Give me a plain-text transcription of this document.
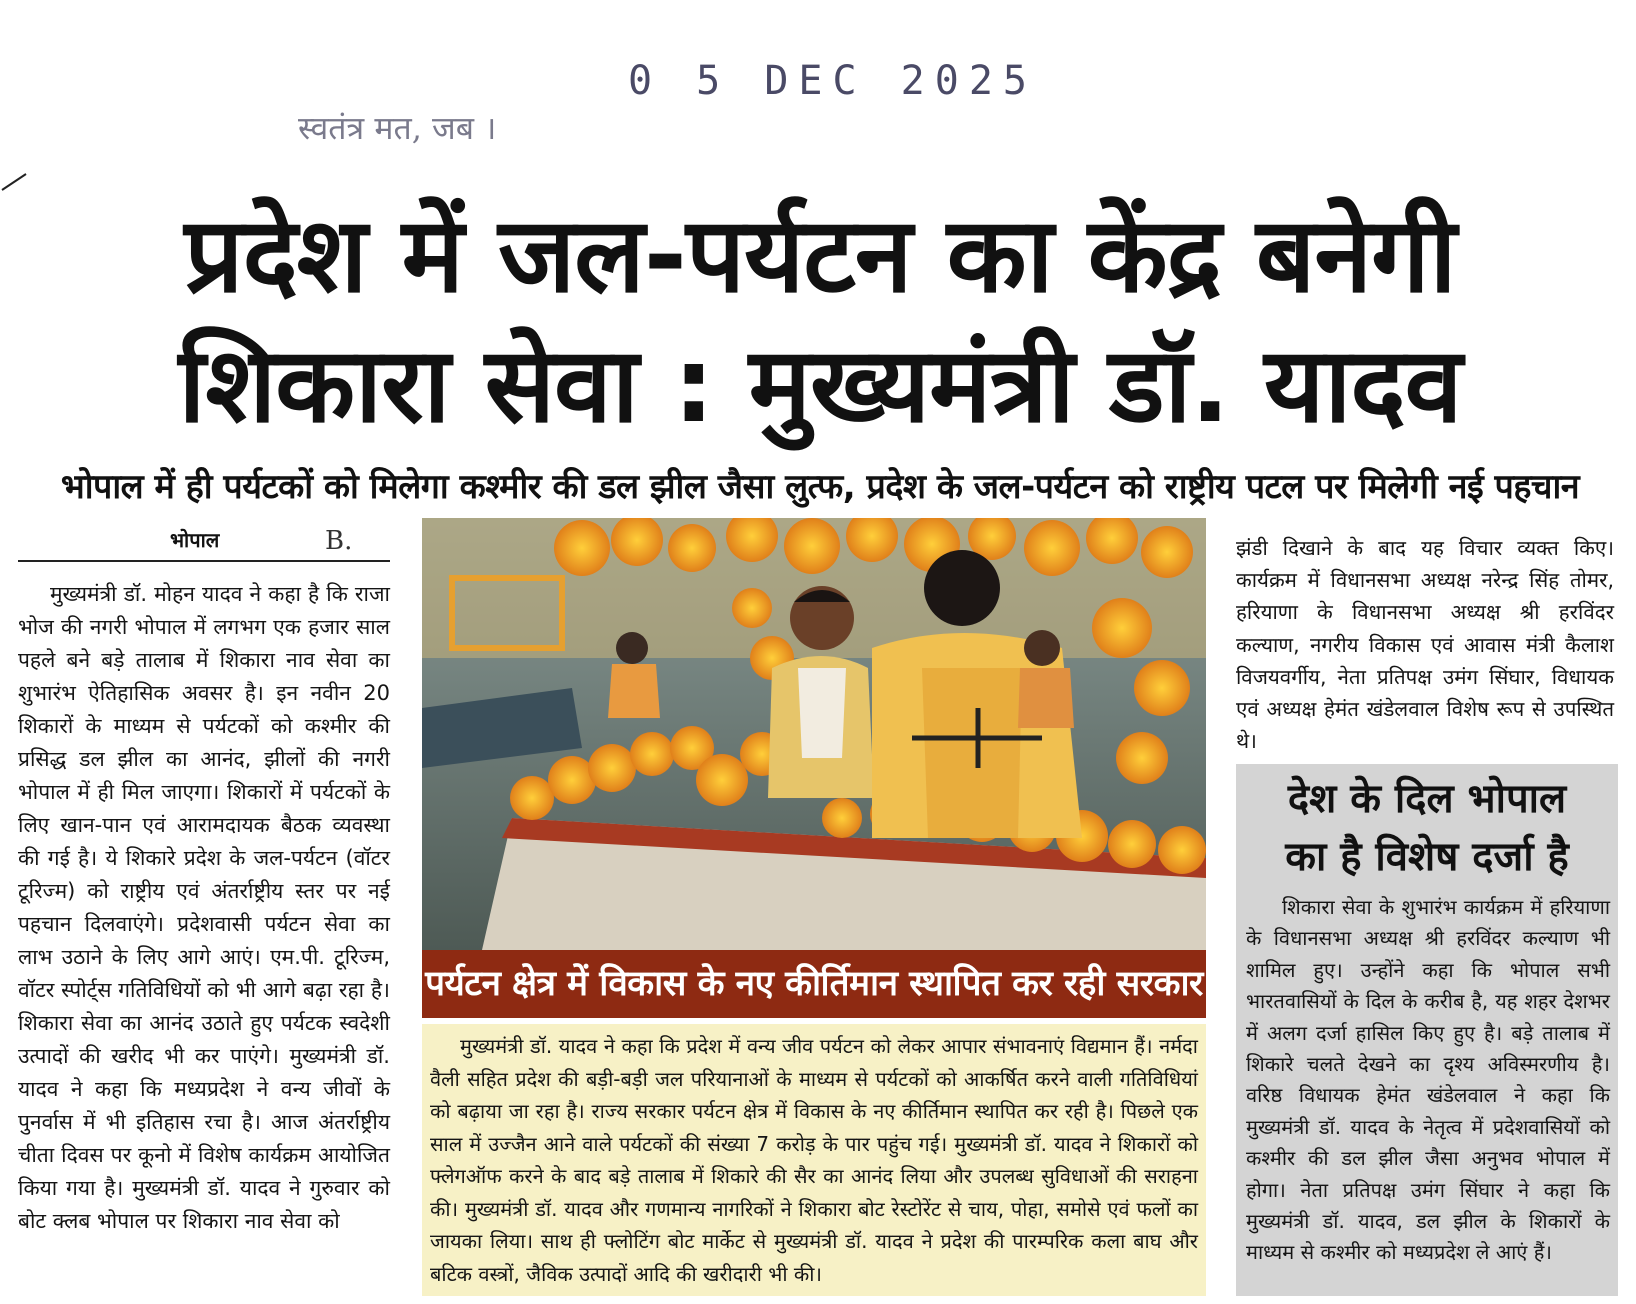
0 5 DEC 2025
स्वतंत्र मत, जब ।
प्रदेश में जल-पर्यटन का केंद्र बनेगी
शिकारा सेवा : मुख्यमंत्री डॉ. यादव
भोपाल में ही पर्यटकों को मिलेगा कश्मीर की डल झील जैसा लुत्फ, प्रदेश के जल-पर्यटन को राष्ट्रीय पटल पर मिलेगी नई पहचान
भोपाल	B.

मुख्यमंत्री डॉ. मोहन यादव ने कहा है कि राजा भोज की नगरी भोपाल में लगभग एक हजार साल पहले बने बड़े तालाब में शिकारा नाव सेवा का शुभारंभ ऐतिहासिक अवसर है। इन नवीन 20 शिकारों के माध्यम से पर्यटकों को कश्मीर की प्रसिद्ध डल झील का आनंद, झीलों की नगरी भोपाल में ही मिल जाएगा। शिकारों में पर्यटकों के लिए खान-पान एवं आरामदायक बैठक व्यवस्था की गई है। ये शिकारे प्रदेश के जल-पर्यटन (वॉटर टूरिज्म) को राष्ट्रीय एवं अंतर्राष्ट्रीय स्तर पर नई पहचान दिलवाएंगे। प्रदेशवासी पर्यटन सेवा का लाभ उठाने के लिए आगे आएं। एम.पी. टूरिज्म, वॉटर स्पोर्ट्स गतिविधियों को भी आगे बढ़ा रहा है। शिकारा सेवा का आनंद उठाते हुए पर्यटक स्वदेशी उत्पादों की खरीद भी कर पाएंगे। मुख्यमंत्री डॉ. यादव ने कहा कि मध्यप्रदेश ने वन्य जीवों के पुनर्वास में भी इतिहास रचा है। आज अंतर्राष्ट्रीय चीता दिवस पर कूनो में विशेष कार्यक्रम आयोजित किया गया है। मुख्यमंत्री डॉ. यादव ने गुरुवार को बोट क्लब भोपाल पर शिकारा नाव सेवा को

पर्यटन क्षेत्र में विकास के नए कीर्तिमान स्थापित कर रही सरकार

मुख्यमंत्री डॉ. यादव ने कहा कि प्रदेश में वन्य जीव पर्यटन को लेकर आपार संभावनाएं विद्यमान हैं। नर्मदा वैली सहित प्रदेश की बड़ी-बड़ी जल परियानाओं के माध्यम से पर्यटकों को आकर्षित करने वाली गतिविधियां को बढ़ाया जा रहा है। राज्य सरकार पर्यटन क्षेत्र में विकास के नए कीर्तिमान स्थापित कर रही है। पिछले एक साल में उज्जैन आने वाले पर्यटकों की संख्या 7 करोड़ के पार पहुंच गई। मुख्यमंत्री डॉ. यादव ने शिकारों को फ्लेगऑफ करने के बाद बड़े तालाब में शिकारे की सैर का आनंद लिया और उपलब्ध सुविधाओं की सराहना की। मुख्यमंत्री डॉ. यादव और गणमान्य नागरिकों ने शिकारा बोट रेस्टोरेंट से चाय, पोहा, समोसे एवं फलों का जायका लिया। साथ ही फ्लोटिंग बोट मार्केट से मुख्यमंत्री डॉ. यादव ने प्रदेश की पारम्परिक कला बाघ और बटिक वस्त्रों, जैविक उत्पादों आदि की खरीदारी भी की।

झंडी दिखाने के बाद यह विचार व्यक्त किए। कार्यक्रम में विधानसभा अध्यक्ष नरेन्द्र सिंह तोमर, हरियाणा के विधानसभा अध्यक्ष श्री हरविंदर कल्याण, नगरीय विकास एवं आवास मंत्री कैलाश विजयवर्गीय, नेता प्रतिपक्ष उमंग सिंघार, विधायक एवं अध्यक्ष हेमंत खंडेलवाल विशेष रूप से उपस्थित थे।

देश के दिल भोपाल
का है विशेष दर्जा है

शिकारा सेवा के शुभारंभ कार्यक्रम में हरियाणा के विधानसभा अध्यक्ष श्री हरविंदर कल्याण भी शामिल हुए। उन्होंने कहा कि भोपाल सभी भारतवासियों के दिल के करीब है, यह शहर देशभर में अलग दर्जा हासिल किए हुए है। बड़े तालाब में शिकारे चलते देखने का दृश्य अविस्मरणीय है। वरिष्ठ विधायक हेमंत खंडेलवाल ने कहा कि मुख्यमंत्री डॉ. यादव के नेतृत्व में प्रदेशवासियों को कश्मीर की डल झील जैसा अनुभव भोपाल में होगा। नेता प्रतिपक्ष उमंग सिंघार ने कहा कि मुख्यमंत्री डॉ. यादव, डल झील के शिकारों के माध्यम से कश्मीर को मध्यप्रदेश ले आएं हैं।
